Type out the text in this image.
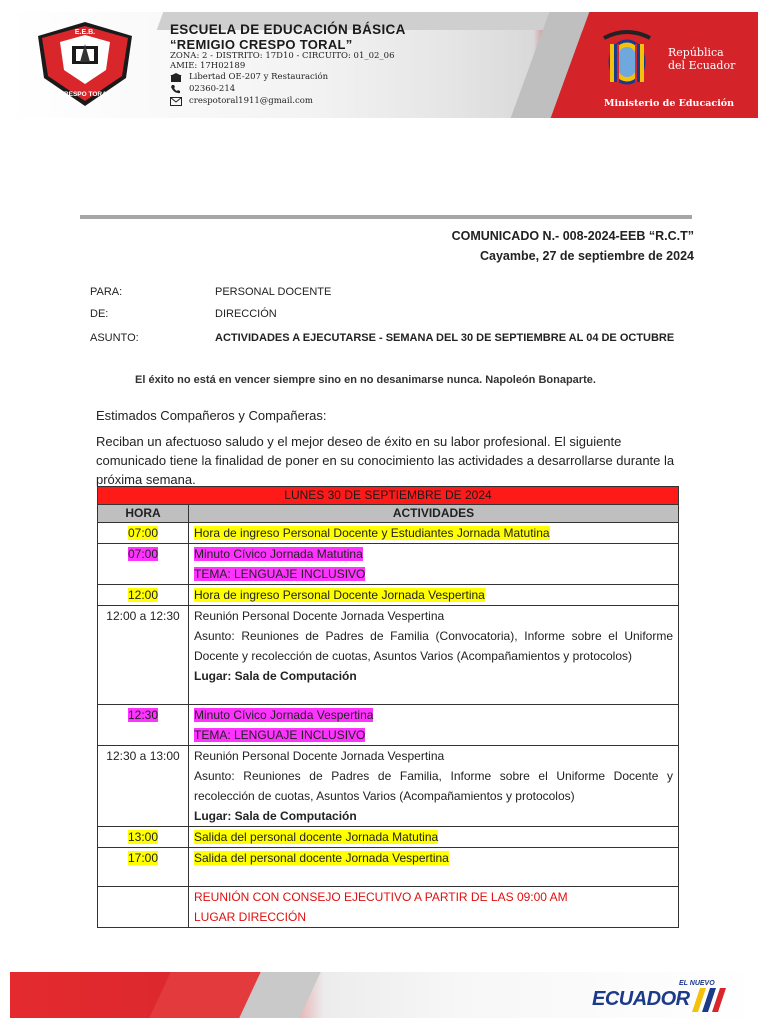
E.E.B.
CRESPO TORAL
ESCUELA DE EDUCACIÓN BÁSICA
“REMIGIO CRESPO TORAL”
ZONA: 2 - DISTRITO: 17D10 - CIRCUITO: 01_02_06
AMIE: 17H02189
Libertad OE-207 y Restauración
02360-214
crespotoral1911@gmail.com
República
del Ecuador
Ministerio de Educación
COMUNICADO N.- 008-2024-EEB “R.C.T”
Cayambe, 27 de septiembre de 2024
PARA:	PERSONAL DOCENTE
DE:	DIRECCIÓN
ASUNTO:	ACTIVIDADES A EJECUTARSE - SEMANA DEL 30 DE SEPTIEMBRE AL 04 DE OCTUBRE
El éxito no está en vencer siempre sino en no desanimarse nunca. Napoleón Bonaparte.
Estimados Compañeros y Compañeras:
Reciban un afectuoso saludo y el mejor deseo de éxito en su labor profesional. El siguiente comunicado tiene la finalidad de poner en su conocimiento las actividades a desarrollarse durante la próxima semana.
LUNES 30 DE SEPTIEMBRE DE 2024	
HORA	ACTIVIDADES
07:00	Hora de ingreso Personal Docente y Estudiantes Jornada Matutina
07:00	Minuto Cívico Jornada Matutina
TEMA: LENGUAJE INCLUSIVO

12:00	Hora de ingreso Personal Docente Jornada Vespertina
12:00 a 12:30	Reunión Personal Docente Jornada Vespertina
Asunto: Reuniones de Padres de Familia (Convocatoria), Informe sobre el Uniforme Docente y recolección de cuotas, Asuntos Varios (Acompañamientos y protocolos)
Lugar: Sala de Computación

12:30	Minuto Cívico Jornada Vespertina
TEMA: LENGUAJE INCLUSIVO

12:30 a 13:00	Reunión Personal Docente Jornada Vespertina
Asunto: Reuniones de Padres de Familia, Informe sobre el Uniforme Docente y recolección de cuotas, Asuntos Varios (Acompañamientos y protocolos)
Lugar: Sala de Computación

13:00	Salida del personal docente Jornada Matutina
17:00	Salida del personal docente Jornada Vespertina

	REUNIÓN CON CONSEJO EJECUTIVO A PARTIR DE LAS 09:00 AM
LUGAR DIRECCIÓN
EL NUEVO
ECUADOR
